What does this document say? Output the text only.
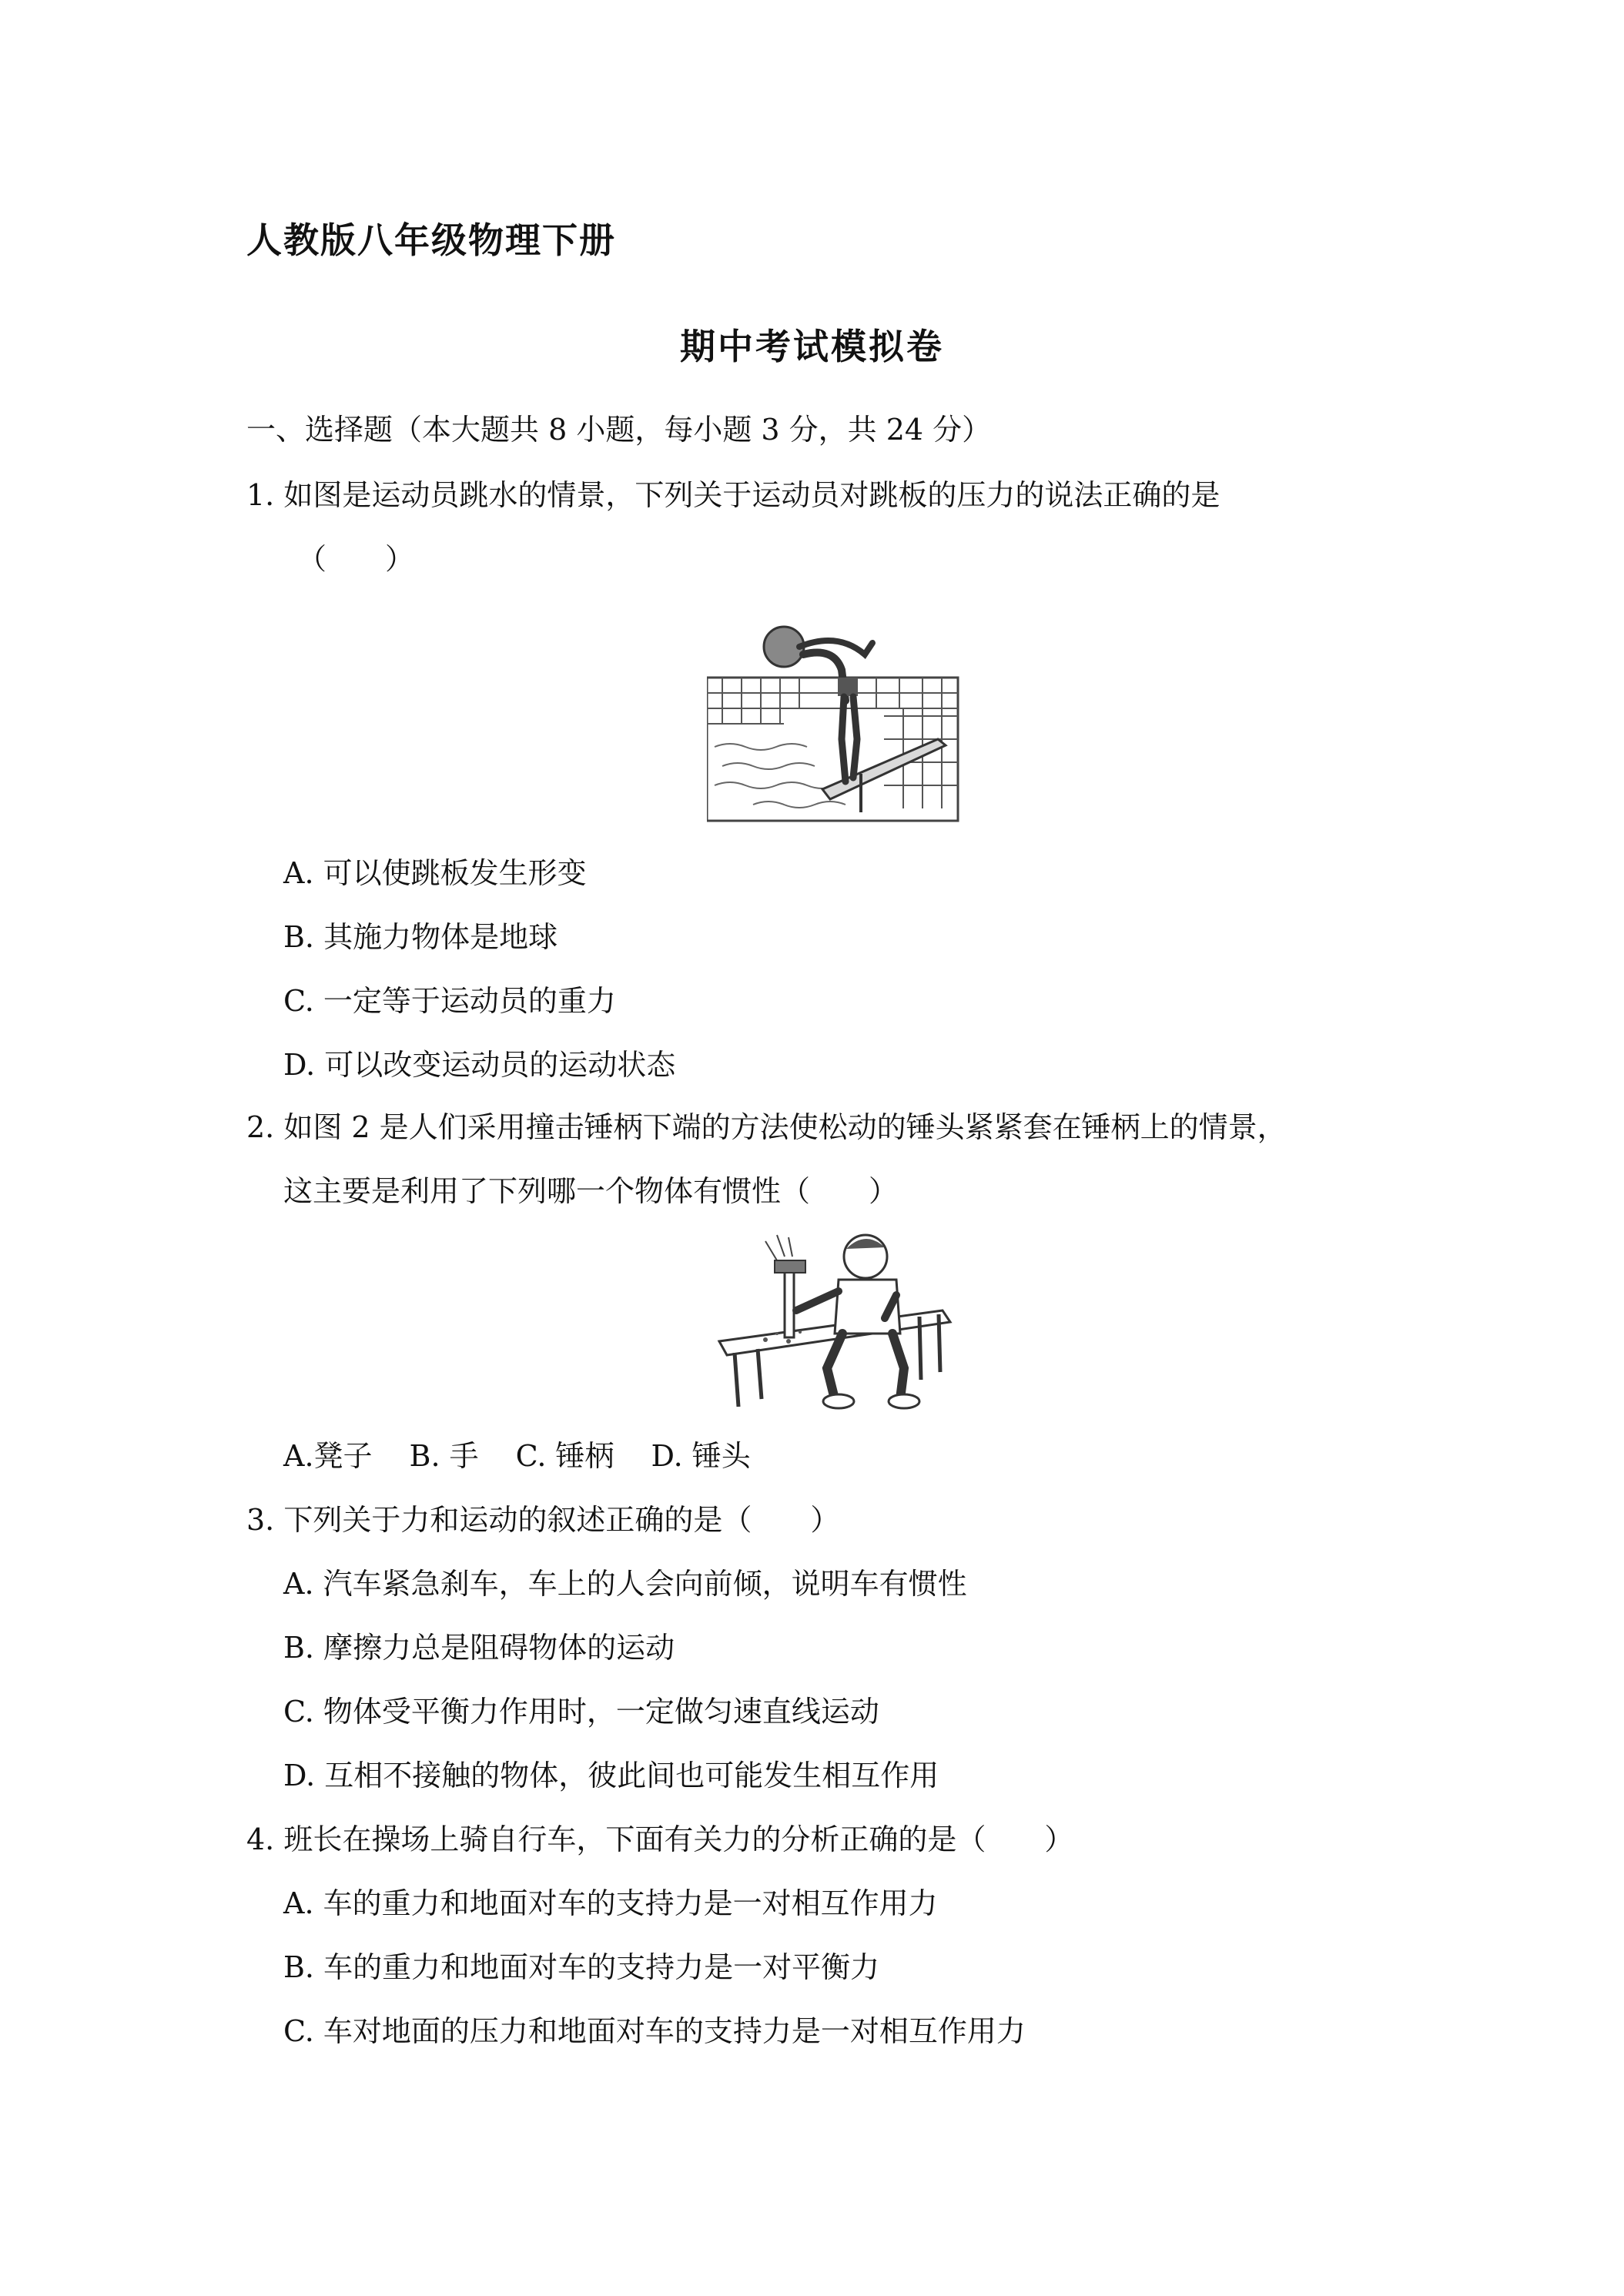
人教版八年级物理下册
期中考试模拟卷
一、选择题（本大题共 8 小题，每小题 3 分，共 24 分）
1. 如图是运动员跳水的情景，下列关于运动员对跳板的压力的说法正确的是
（　　）
A. 可以使跳板发生形变
B. 其施力物体是地球
C. 一定等于运动员的重力
D. 可以改变运动员的运动状态
2. 如图 2 是人们采用撞击锤柄下端的方法使松动的锤头紧紧套在锤柄上的情景，
这主要是利用了下列哪一个物体有惯性（　　）
A.凳子 B. 手 C. 锤柄 D. 锤头
3. 下列关于力和运动的叙述正确的是（　　）
A. 汽车紧急刹车，车上的人会向前倾，说明车有惯性
B. 摩擦力总是阻碍物体的运动
C. 物体受平衡力作用时，一定做匀速直线运动
D. 互相不接触的物体，彼此间也可能发生相互作用
4. 班长在操场上骑自行车，下面有关力的分析正确的是（　　）
A. 车的重力和地面对车的支持力是一对相互作用力
B. 车的重力和地面对车的支持力是一对平衡力
C. 车对地面的压力和地面对车的支持力是一对相互作用力
